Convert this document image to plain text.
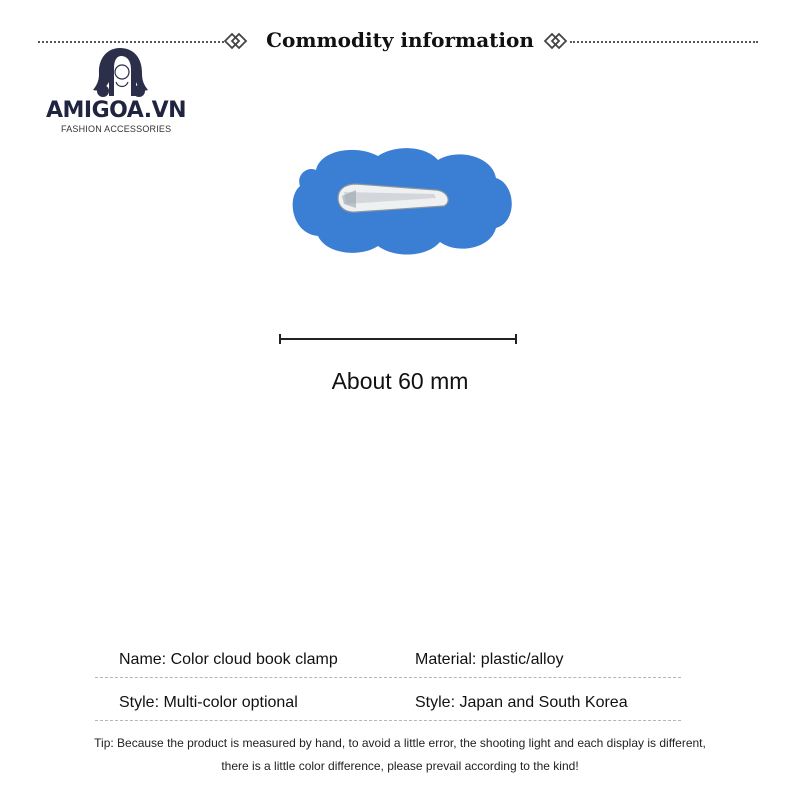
Commodity information
AMIGOA.VN
FASHION ACCESSORIES
About 60 mm
Name: Color cloud book clamp	Material: plastic/alloy
Style: Multi-color optional	Style: Japan and South Korea
Tip: Because the product is measured by hand, to avoid a little error, the shooting light and each display is different,
there is a little color difference, please prevail according to the kind!
